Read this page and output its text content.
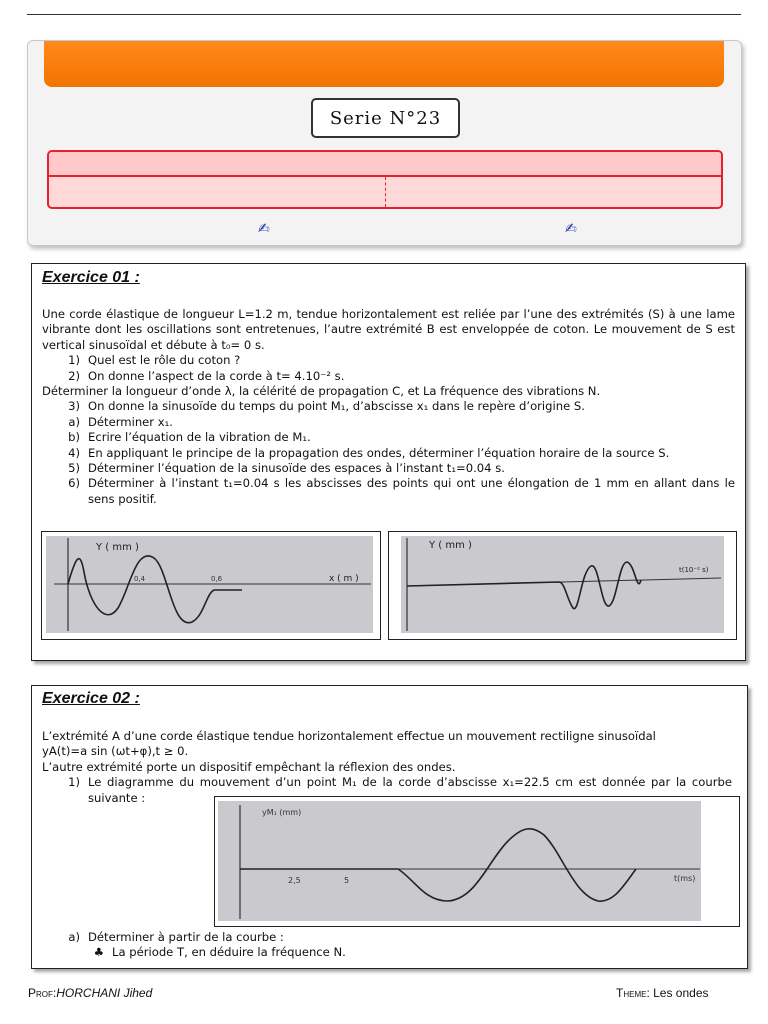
Serie N°23
✍	✍
Exercice 01 :

Une corde élastique de longueur L=1.2 m, tendue horizontalement est reliée par l’une des extrémités (S) à une lame vibrante dont les oscillations sont entretenues, l’autre extrémité B est enveloppée de coton. Le mouvement de S est vertical sinusoïdal et débute à t₀= 0 s.

1) Quel est le rôle du coton ?
2) On donne l’aspect de la corde à t= 4.10⁻² s.

Déterminer la longueur d’onde λ, la célérité de propagation C, et La fréquence des vibrations N.

3) On donne la sinusoïde du temps du point M₁, d’abscisse x₁ dans le repère d’origine S.
a) Déterminer x₁.
b) Ecrire l’équation de la vibration de M₁.
4) En appliquant le principe de la propagation des ondes, déterminer l’équation horaire de la source S.
5) Déterminer l’équation de la sinusoïde des espaces à l’instant t₁=0.04 s.
6) Déterminer à l’instant t₁=0.04 s les abscisses des points qui ont une élongation de 1 mm en allant dans le sens positif.
Y ( mm )
x ( m )
0,4	0,6
Y ( mm )
t(10⁻² s)
Exercice 02 :

L’extrémité A d’une corde élastique tendue horizontalement effectue un mouvement rectiligne sinusoïdal

yA(t)=a sin (ωt+φ),t ≥ 0.

L’autre extrémité porte un dispositif empêchant la réflexion des ondes.

1) Le diagramme du mouvement d’un point M₁ de la corde d’abscisse x₁=22.5 cm est donnée par la courbe suivante :
yM₁ (mm)
t(ms)
2,5	5
a) Déterminer à partir de la courbe :
♣ La période T, en déduire la fréquence N.
Prof:HORCHANI Jihed	Theme: Les ondes
